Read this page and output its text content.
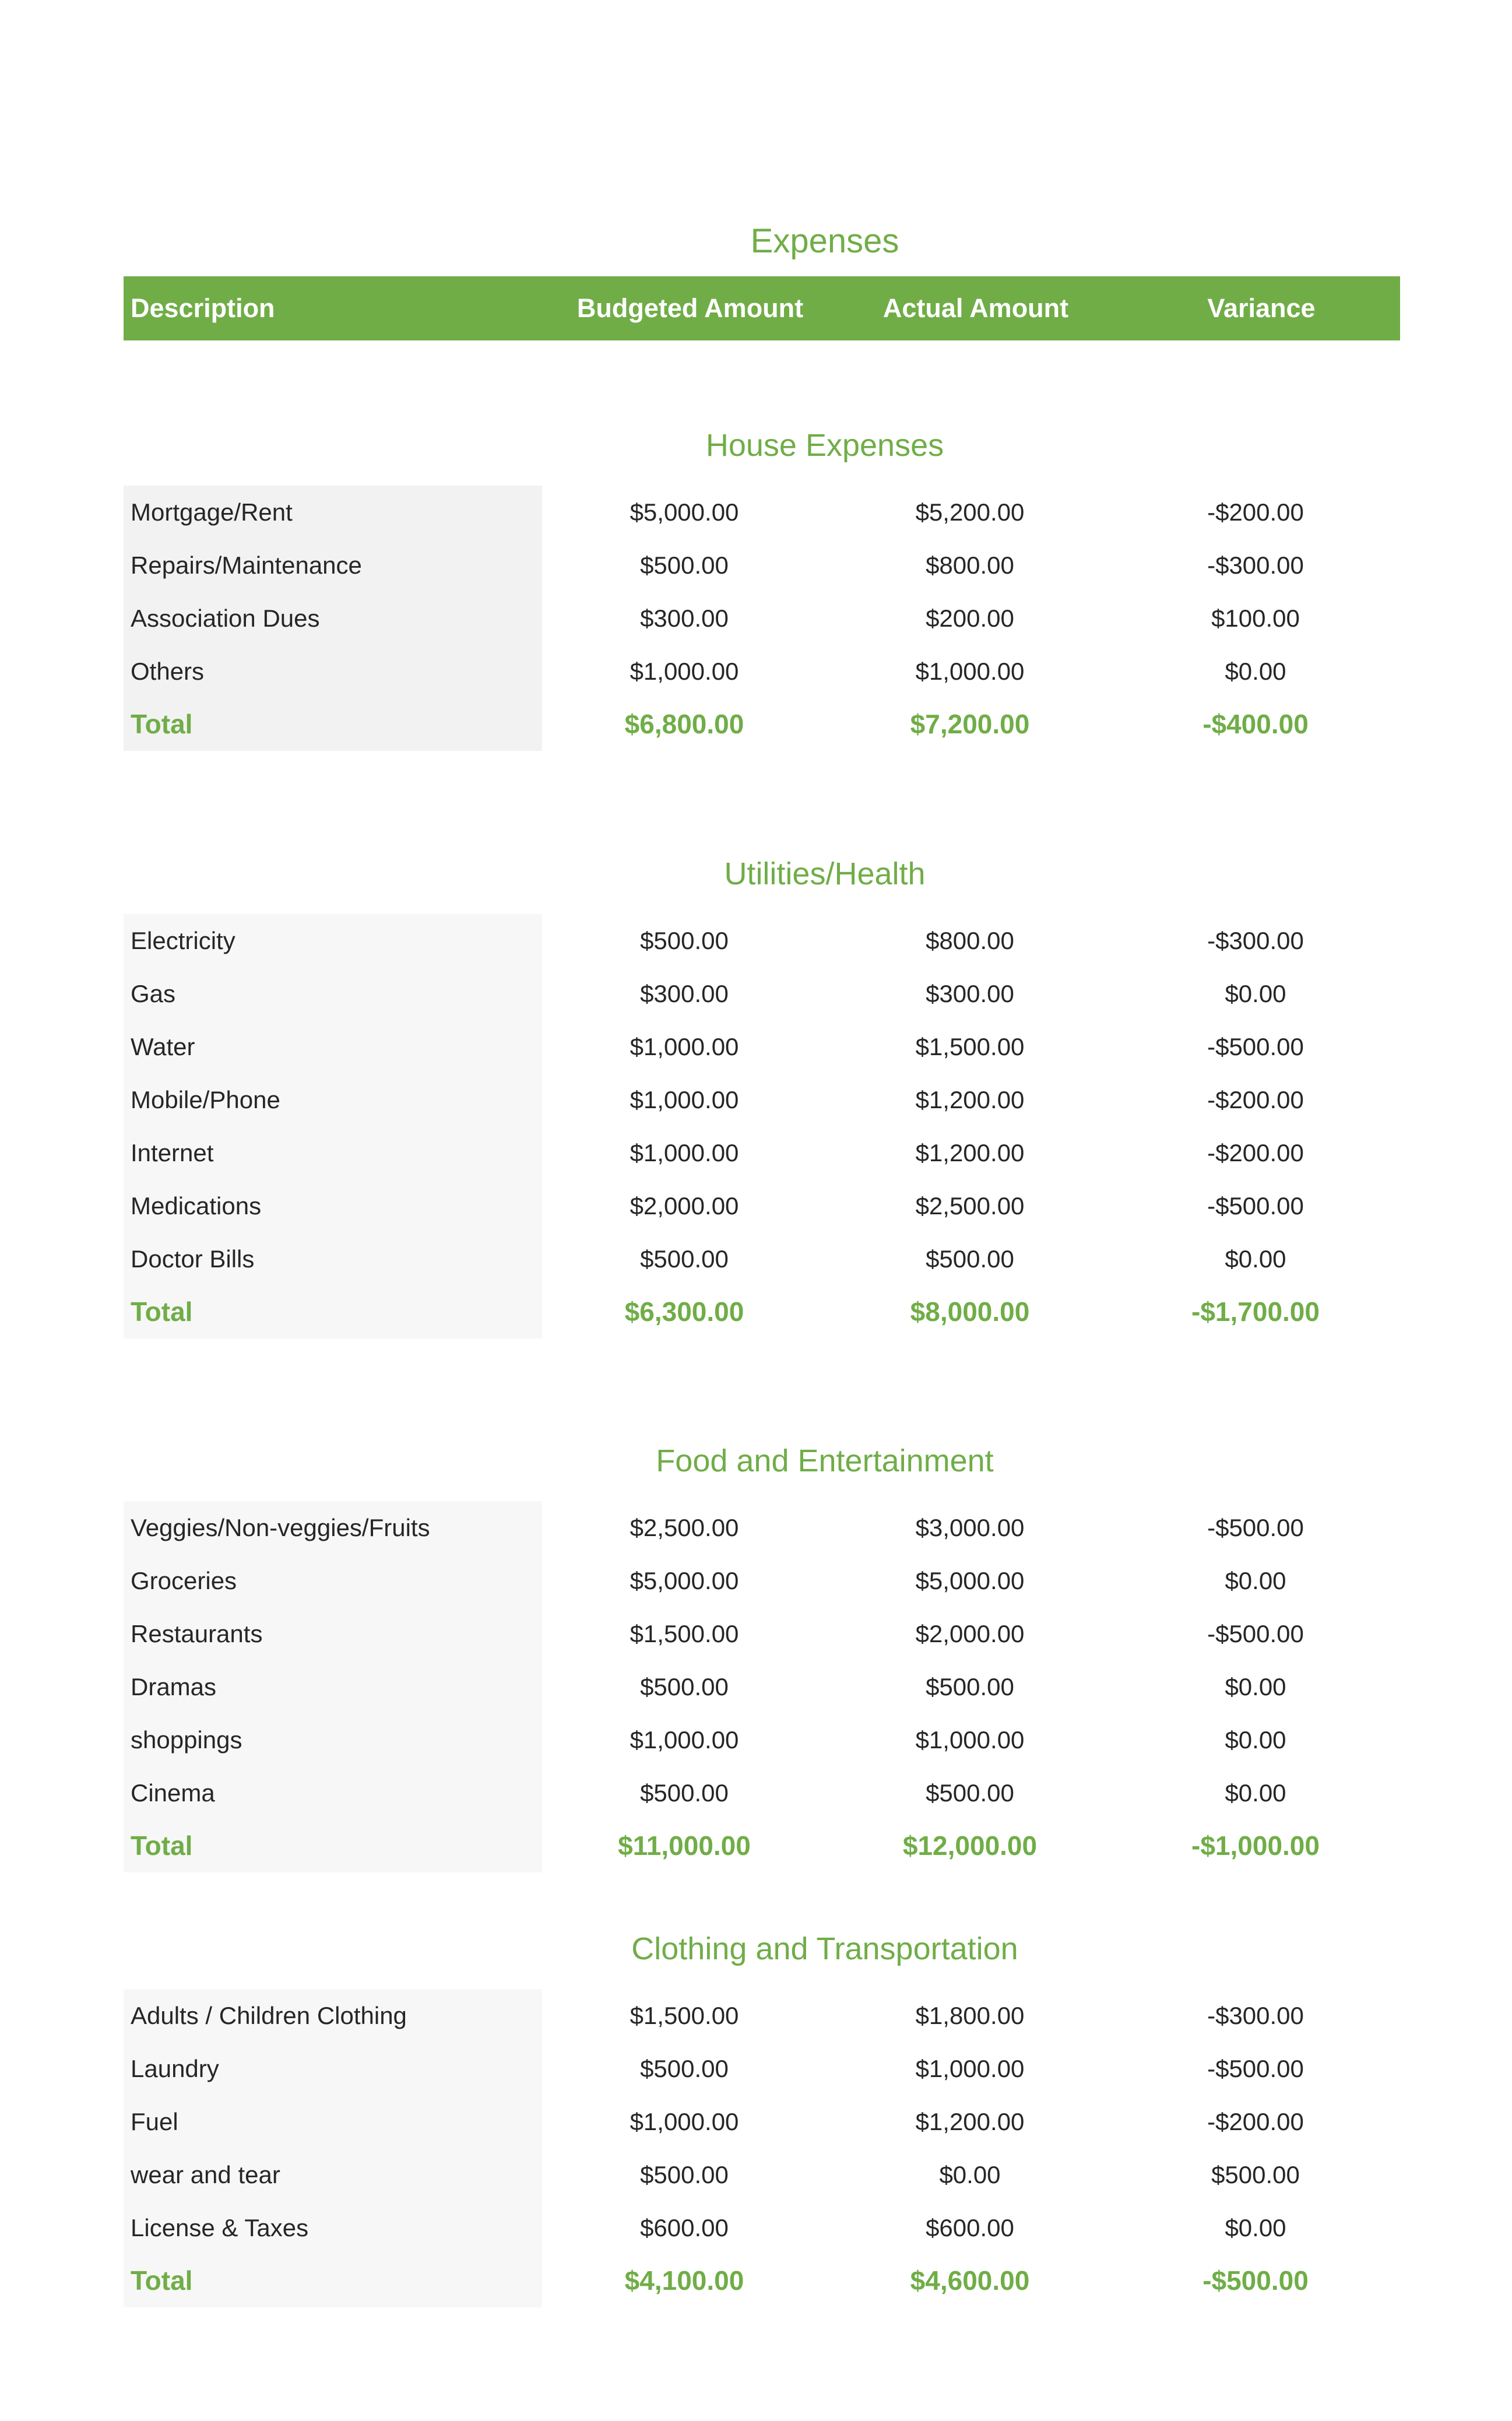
Expenses
Description	Budgeted Amount	Actual Amount	Variance
House Expenses
Mortgage/Rent	$5,000.00	$5,200.00	-$200.00
Repairs/Maintenance	$500.00	$800.00	-$300.00
Association Dues	$300.00	$200.00	$100.00
Others	$1,000.00	$1,000.00	$0.00
Total	$6,800.00	$7,200.00	-$400.00
Utilities/Health
Electricity	$500.00	$800.00	-$300.00
Gas	$300.00	$300.00	$0.00
Water	$1,000.00	$1,500.00	-$500.00
Mobile/Phone	$1,000.00	$1,200.00	-$200.00
Internet	$1,000.00	$1,200.00	-$200.00
Medications	$2,000.00	$2,500.00	-$500.00
Doctor Bills	$500.00	$500.00	$0.00
Total	$6,300.00	$8,000.00	-$1,700.00
Food and Entertainment
Veggies/Non-veggies/Fruits	$2,500.00	$3,000.00	-$500.00
Groceries	$5,000.00	$5,000.00	$0.00
Restaurants	$1,500.00	$2,000.00	-$500.00
Dramas	$500.00	$500.00	$0.00
shoppings	$1,000.00	$1,000.00	$0.00
Cinema	$500.00	$500.00	$0.00
Total	$11,000.00	$12,000.00	-$1,000.00
Clothing and Transportation
Adults / Children Clothing	$1,500.00	$1,800.00	-$300.00
Laundry	$500.00	$1,000.00	-$500.00
Fuel	$1,000.00	$1,200.00	-$200.00
wear and tear	$500.00	$0.00	$500.00
License & Taxes	$600.00	$600.00	$0.00
Total	$4,100.00	$4,600.00	-$500.00
